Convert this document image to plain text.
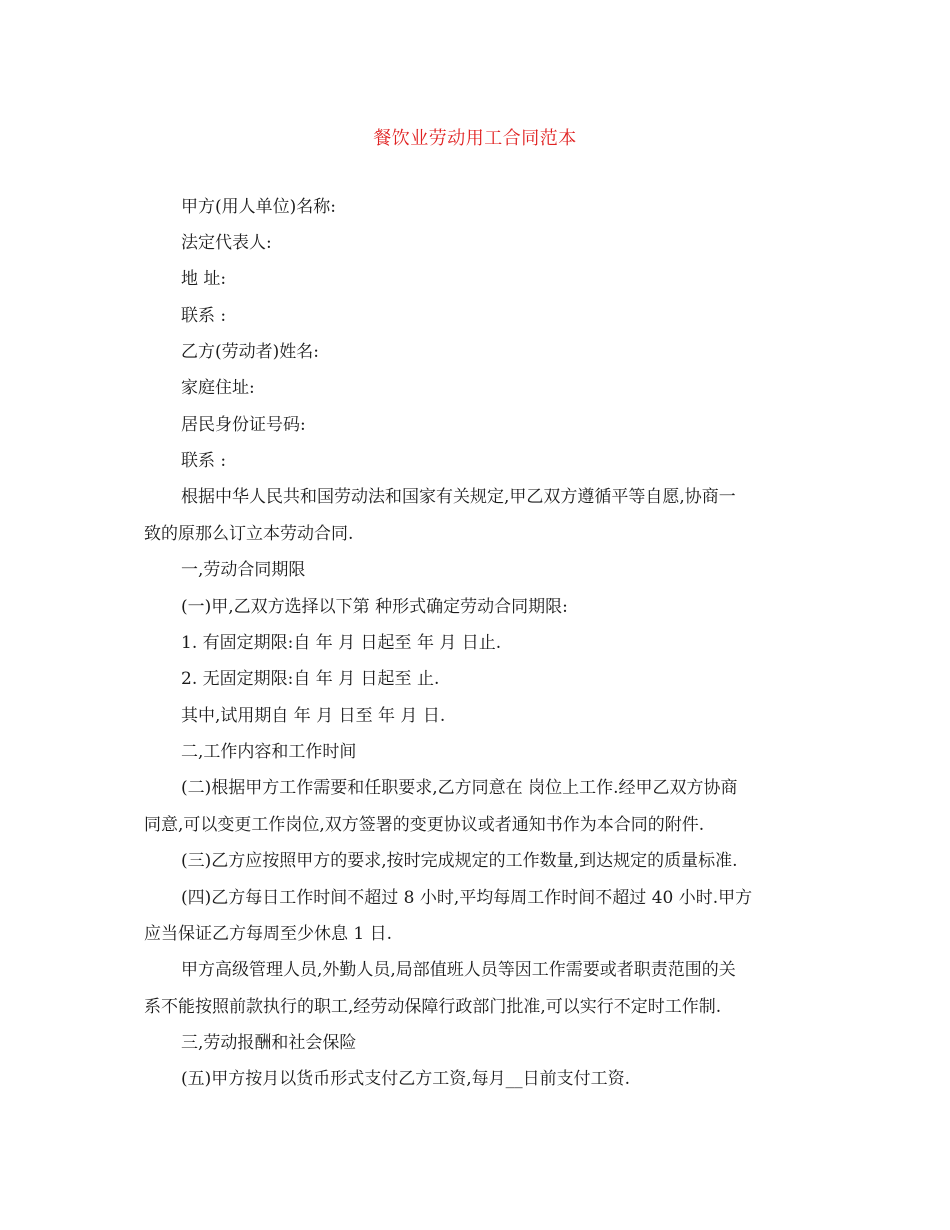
餐饮业劳动用工合同范本
甲方(用人单位)名称:
法定代表人:
地 址:
联系 :
乙方(劳动者)姓名:
家庭住址:
居民身份证号码:
联系 :
根据中华人民共和国劳动法和国家有关规定,甲乙双方遵循平等自愿,协商一
致的原那么订立本劳动合同.
一,劳动合同期限
(一)甲,乙双方选择以下第 种形式确定劳动合同期限:
1. 有固定期限:自 年 月 日起至 年 月 日止.
2. 无固定期限:自 年 月 日起至 止.
其中,试用期自 年 月 日至 年 月 日.
二,工作内容和工作时间
(二)根据甲方工作需要和任职要求,乙方同意在 岗位上工作.经甲乙双方协商
同意,可以变更工作岗位,双方签署的变更协议或者通知书作为本合同的附件.
(三)乙方应按照甲方的要求,按时完成规定的工作数量,到达规定的质量标准.
(四)乙方每日工作时间不超过 8 小时,平均每周工作时间不超过 40 小时.甲方
应当保证乙方每周至少休息 1 日.
甲方高级管理人员,外勤人员,局部值班人员等因工作需要或者职责范围的关
系不能按照前款执行的职工,经劳动保障行政部门批准,可以实行不定时工作制.
三,劳动报酬和社会保险
(五)甲方按月以货币形式支付乙方工资,每月__日前支付工资.
